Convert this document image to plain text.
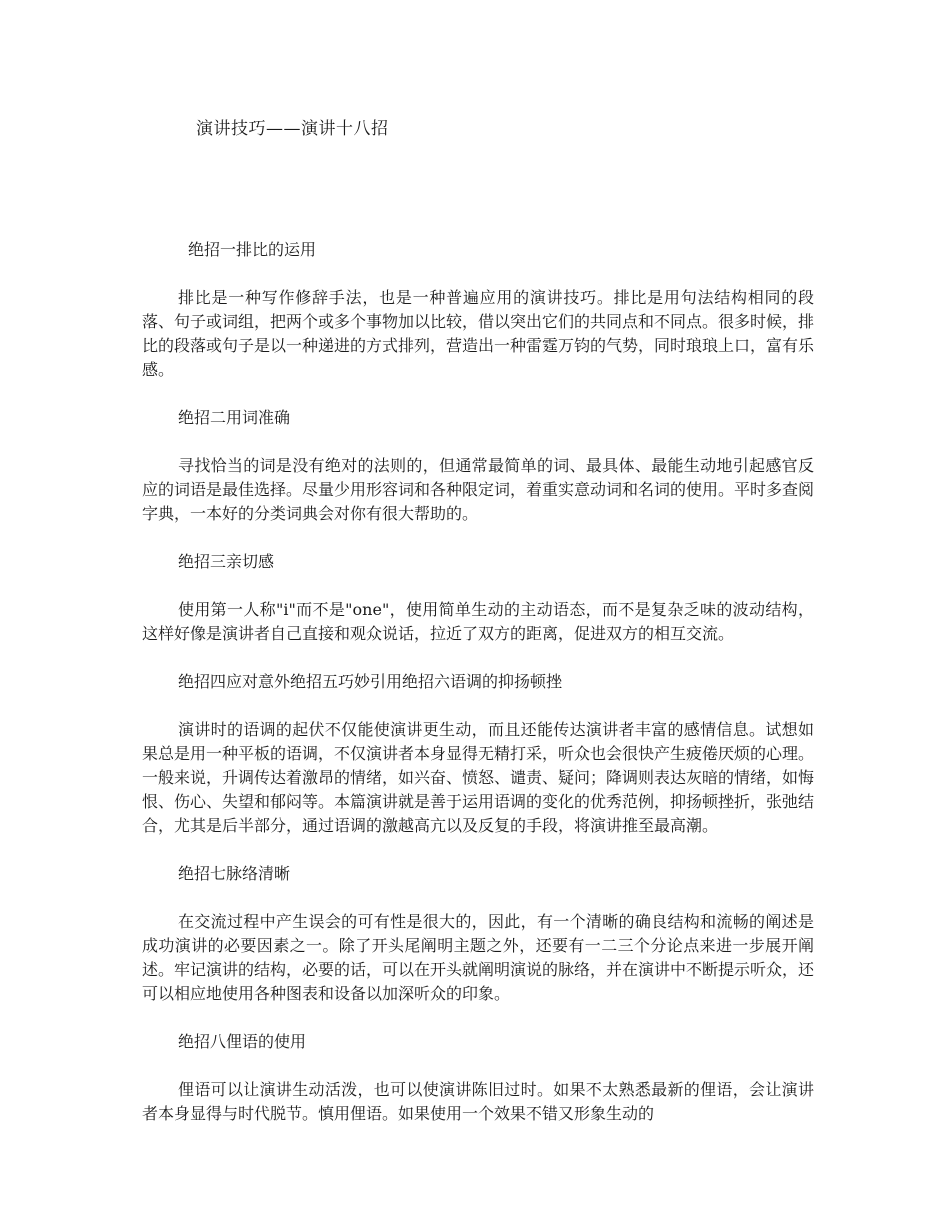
演讲技巧——演讲十八招

绝招一排比的运用

排比是一种写作修辞手法，也是一种普遍应用的演讲技巧。排比是用句法结构相同的段落、句子或词组，把两个或多个事物加以比较，借以突出它们的共同点和不同点。很多时候，排比的段落或句子是以一种递进的方式排列，营造出一种雷霆万钧的气势，同时琅琅上口，富有乐感。

绝招二用词准确

寻找恰当的词是没有绝对的法则的，但通常最简单的词、最具体、最能生动地引起感官反应的词语是最佳选择。尽量少用形容词和各种限定词，着重实意动词和名词的使用。平时多查阅字典，一本好的分类词典会对你有很大帮助的。

绝招三亲切感

使用第一人称"i"而不是"one"，使用简单生动的主动语态，而不是复杂乏味的波动结构，这样好像是演讲者自己直接和观众说话，拉近了双方的距离，促进双方的相互交流。

绝招四应对意外绝招五巧妙引用绝招六语调的抑扬顿挫

演讲时的语调的起伏不仅能使演讲更生动，而且还能传达演讲者丰富的感情信息。试想如果总是用一种平板的语调，不仅演讲者本身显得无精打采，听众也会很快产生疲倦厌烦的心理。一般来说，升调传达着激昂的情绪，如兴奋、愤怒、谴责、疑问；降调则表达灰暗的情绪，如悔恨、伤心、失望和郁闷等。本篇演讲就是善于运用语调的变化的优秀范例，抑扬顿挫折，张弛结合，尤其是后半部分，通过语调的激越高亢以及反复的手段，将演讲推至最高潮。

绝招七脉络清晰

在交流过程中产生误会的可有性是很大的，因此，有一个清晰的确良结构和流畅的阐述是成功演讲的必要因素之一。除了开头尾阐明主题之外，还要有一二三个分论点来进一步展开阐述。牢记演讲的结构，必要的话，可以在开头就阐明演说的脉络，并在演讲中不断提示听众，还可以相应地使用各种图表和设备以加深听众的印象。

绝招八俚语的使用

俚语可以让演讲生动活泼，也可以使演讲陈旧过时。如果不太熟悉最新的俚语，会让演讲者本身显得与时代脱节。慎用俚语。如果使用一个效果不错又形象生动的
